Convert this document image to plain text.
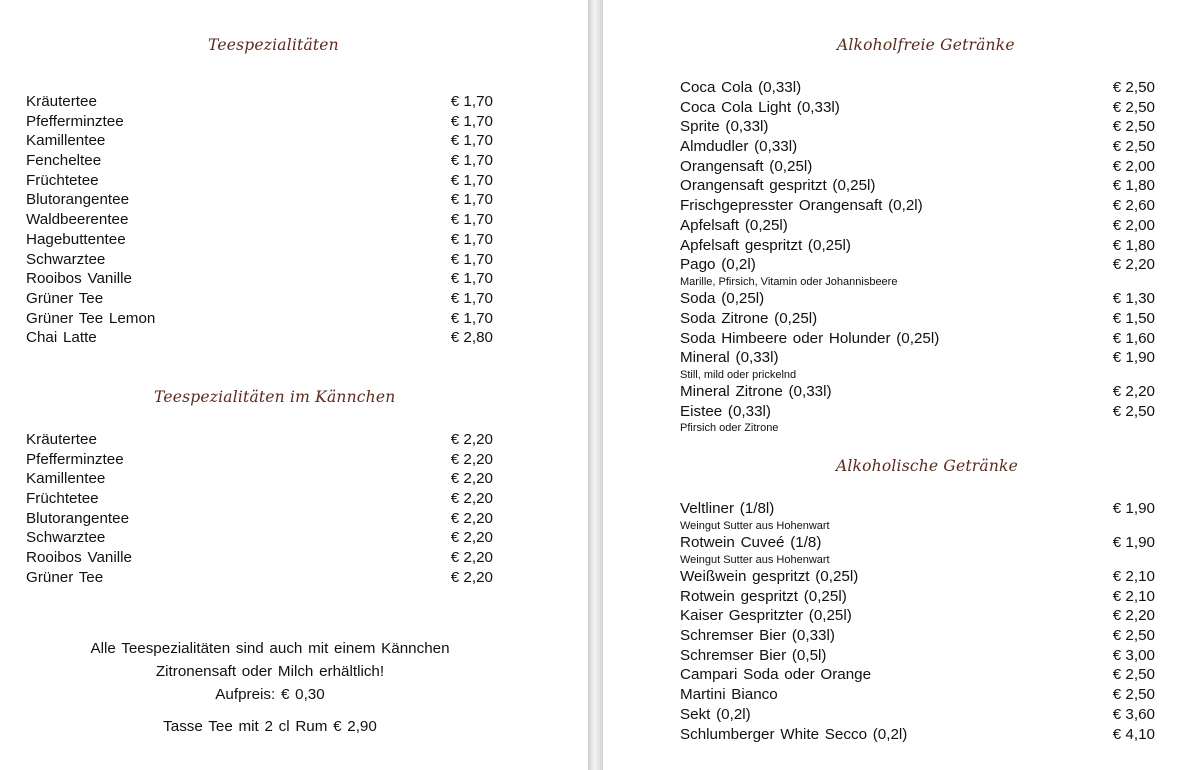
Teespezialitäten
Kräutertee	€ 1,70
Pfefferminztee	€ 1,70
Kamillentee	€ 1,70
Fencheltee	€ 1,70
Früchtetee	€ 1,70
Blutorangentee	€ 1,70
Waldbeerentee	€ 1,70
Hagebuttentee	€ 1,70
Schwarztee	€ 1,70
Rooibos Vanille	€ 1,70
Grüner Tee	€ 1,70
Grüner Tee Lemon	€ 1,70
Chai Latte	€ 2,80
Teespezialitäten im Kännchen
Kräutertee	€ 2,20
Pfefferminztee	€ 2,20
Kamillentee	€ 2,20
Früchtetee	€ 2,20
Blutorangentee	€ 2,20
Schwarztee	€ 2,20
Rooibos Vanille	€ 2,20
Grüner Tee	€ 2,20
Alle Teespezialitäten sind auch mit einem Kännchen
Zitronensaft oder Milch erhältlich!
Aufpreis: € 0,30
Tasse Tee mit 2 cl Rum € 2,90
Alkoholfreie Getränke
Coca Cola (0,33l)	€ 2,50
Coca Cola Light (0,33l)	€ 2,50
Sprite (0,33l)	€ 2,50
Almdudler (0,33l)	€ 2,50
Orangensaft (0,25l)	€ 2,00
Orangensaft gespritzt (0,25l)	€ 1,80
Frischgepresster Orangensaft (0,2l)	€ 2,60
Apfelsaft (0,25l)	€ 2,00
Apfelsaft gespritzt (0,25l)	€ 1,80
Pago (0,2l)	€ 2,20
Marille, Pfirsich, Vitamin oder Johannisbeere
Soda (0,25l)	€ 1,30
Soda Zitrone (0,25l)	€ 1,50
Soda Himbeere oder Holunder (0,25l)	€ 1,60
Mineral (0,33l)	€ 1,90
Still, mild oder prickelnd
Mineral Zitrone (0,33l)	€ 2,20
Eistee (0,33l)	€ 2,50
Pfirsich oder Zitrone
Alkoholische Getränke
Veltliner (1/8l)	€ 1,90
Weingut Sutter aus Hohenwart
Rotwein Cuveé (1/8)	€ 1,90
Weingut Sutter aus Hohenwart
Weißwein gespritzt (0,25l)	€ 2,10
Rotwein gespritzt (0,25l)	€ 2,10
Kaiser Gespritzter (0,25l)	€ 2,20
Schremser Bier (0,33l)	€ 2,50
Schremser Bier (0,5l)	€ 3,00
Campari Soda oder Orange	€ 2,50
Martini Bianco	€ 2,50
Sekt (0,2l)	€ 3,60
Schlumberger White Secco (0,2l)	€ 4,10
